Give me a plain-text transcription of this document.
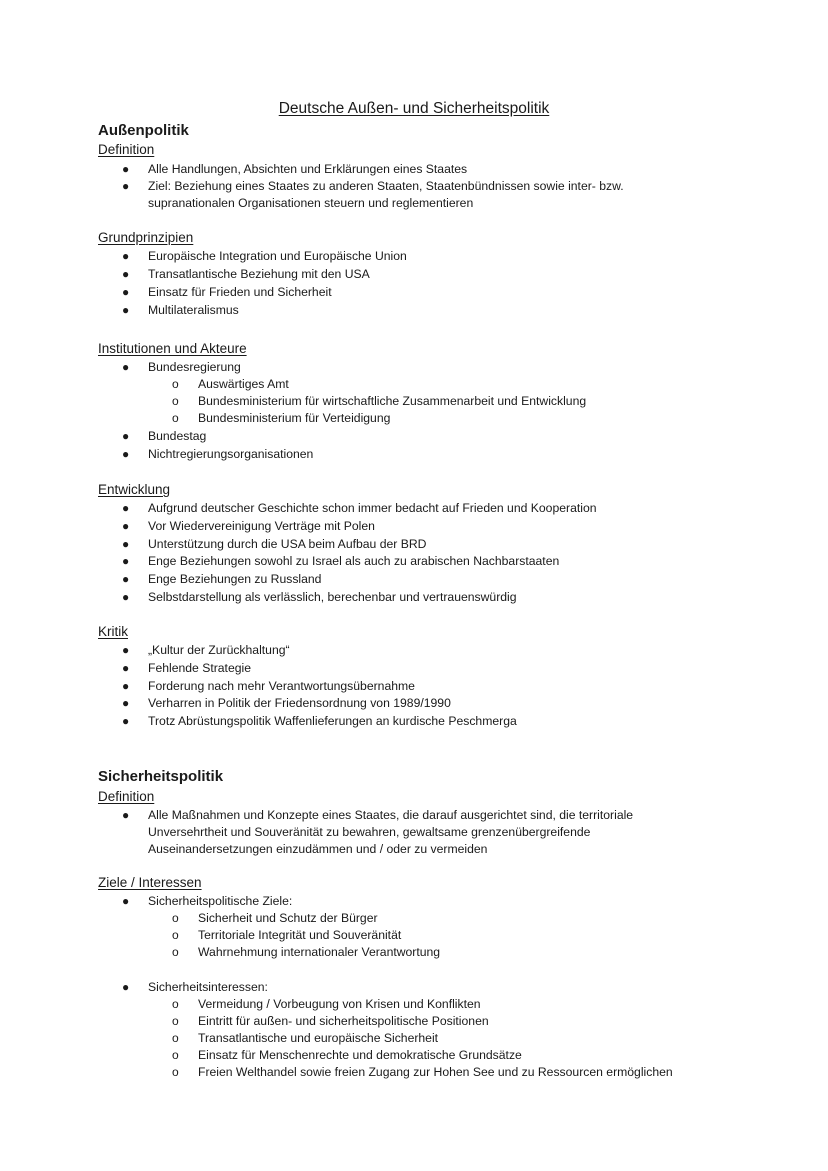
Deutsche Außen- und Sicherheitspolitik
Außenpolitik
Definition
● Alle Handlungen, Absichten und Erklärungen eines Staates
● Ziel: Beziehung eines Staates zu anderen Staaten, Staatenbündnissen sowie inter- bzw. supranationalen Organisationen steuern und reglementieren
Grundprinzipien
● Europäische Integration und Europäische Union
● Transatlantische Beziehung mit den USA
● Einsatz für Frieden und Sicherheit
● Multilateralismus
Institutionen und Akteure
● Bundesregierung
o Auswärtiges Amt
o Bundesministerium für wirtschaftliche Zusammenarbeit und Entwicklung
o Bundesministerium für Verteidigung
● Bundestag
● Nichtregierungsorganisationen
Entwicklung
● Aufgrund deutscher Geschichte schon immer bedacht auf Frieden und Kooperation
● Vor Wiedervereinigung Verträge mit Polen
● Unterstützung durch die USA beim Aufbau der BRD
● Enge Beziehungen sowohl zu Israel als auch zu arabischen Nachbarstaaten
● Enge Beziehungen zu Russland
● Selbstdarstellung als verlässlich, berechenbar und vertrauenswürdig
Kritik
● „Kultur der Zurückhaltung“
● Fehlende Strategie
● Forderung nach mehr Verantwortungsübernahme
● Verharren in Politik der Friedensordnung von 1989/1990
● Trotz Abrüstungspolitik Waffenlieferungen an kurdische Peschmerga
Sicherheitspolitik
Definition
● Alle Maßnahmen und Konzepte eines Staates, die darauf ausgerichtet sind, die territoriale Unversehrtheit und Souveränität zu bewahren, gewaltsame grenzenübergreifende Auseinandersetzungen einzudämmen und / oder zu vermeiden
Ziele / Interessen
● Sicherheitspolitische Ziele:
o Sicherheit und Schutz der Bürger
o Territoriale Integrität und Souveränität
o Wahrnehmung internationaler Verantwortung
● Sicherheitsinteressen:
o Vermeidung / Vorbeugung von Krisen und Konflikten
o Eintritt für außen- und sicherheitspolitische Positionen
o Transatlantische und europäische Sicherheit
o Einsatz für Menschenrechte und demokratische Grundsätze
o Freien Welthandel sowie freien Zugang zur Hohen See und zu Ressourcen ermöglichen
